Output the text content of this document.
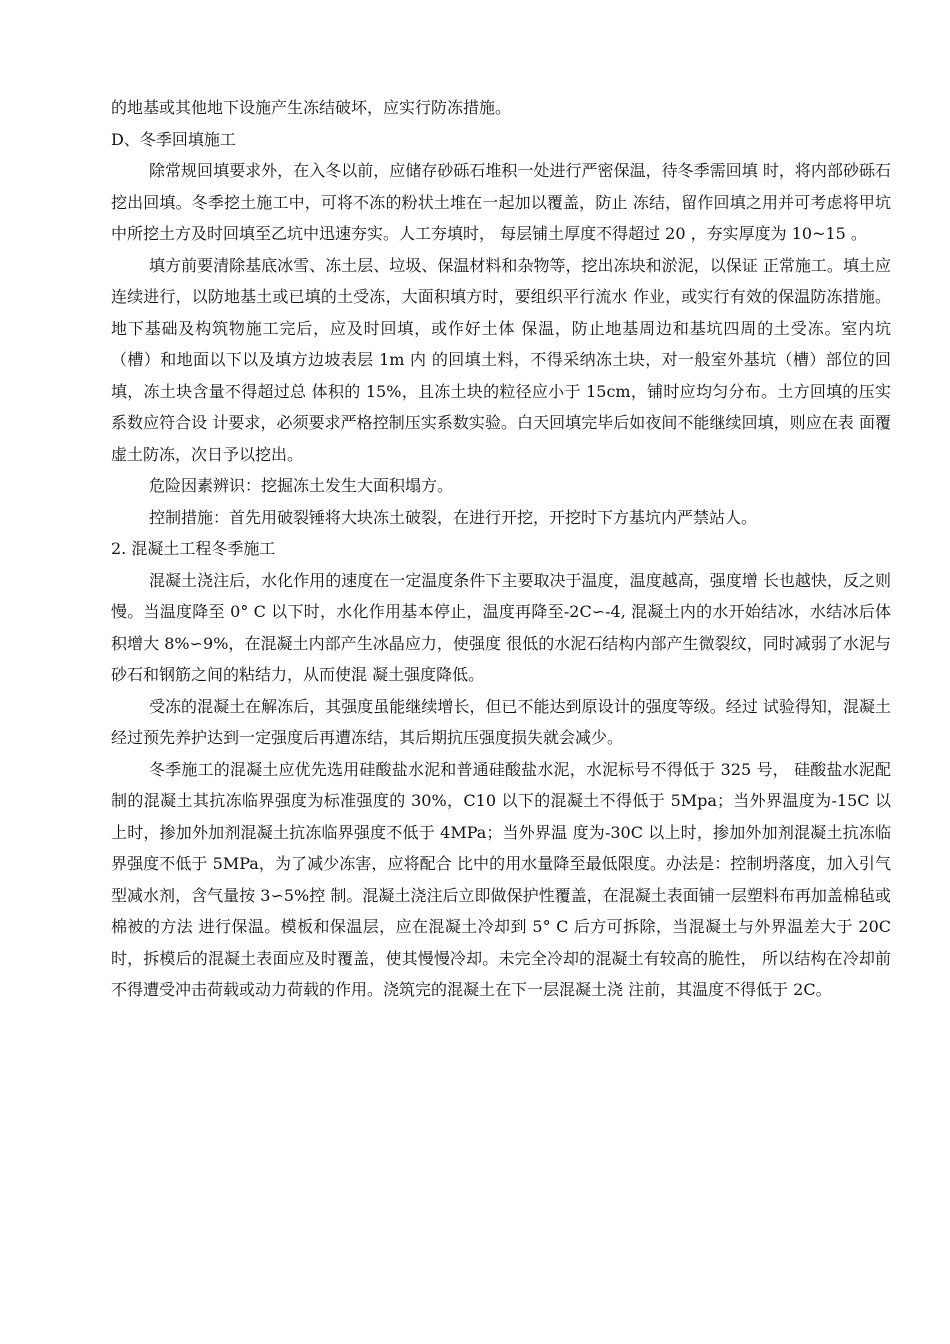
的地基或其他地下设施产生冻结破坏，应实行防冻措施。

D、冬季回填施工

除常规回填要求外，在入冬以前，应储存砂砾石堆积一处进行严密保温，待冬季需回填 时，将内部砂砾石挖出回填。冬季挖土施工中，可将不冻的粉状土堆在一起加以覆盖，防止 冻结，留作回填之用并可考虑将甲坑中所挖土方及时回填至乙坑中迅速夯实。人工夯填时， 每层铺土厚度不得超过 20 ，夯实厚度为 10~15 。

填方前要清除基底冰雪、冻土层、垃圾、保温材料和杂物等，挖出冻块和淤泥，以保证 正常施工。填土应连续进行，以防地基土或已填的土受冻，大面积填方时，要组织平行流水 作业，或实行有效的保温防冻措施。地下基础及构筑物施工完后，应及时回填，或作好土体 保温，防止地基周边和基坑四周的土受冻。室内坑（槽）和地面以下以及填方边坡表层 1m 内 的回填土料，不得采纳冻土块，对一般室外基坑（槽）部位的回填，冻土块含量不得超过总 体积的 15%，且冻土块的粒径应小于 15cm，铺时应均匀分布。土方回填的压实系数应符合设 计要求，必须要求严格控制压实系数实验。白天回填完毕后如夜间不能继续回填，则应在表 面覆虚土防冻，次日予以挖出。

危险因素辨识：挖掘冻土发生大面积塌方。

控制措施：首先用破裂锤将大块冻土破裂，在进行开挖，开挖时下方基坑内严禁站人。

2. 混凝土工程冬季施工

混凝土浇注后，水化作用的速度在一定温度条件下主要取决于温度，温度越高，强度增 长也越快，反之则慢。当温度降至 0° C 以下时，水化作用基本停止，温度再降至-2C∽-4, 混凝土内的水开始结冰，水结冰后体积增大 8%∽9%，在混凝土内部产生冰晶应力，使强度 很低的水泥石结构内部产生微裂纹，同时减弱了水泥与砂石和钢筋之间的粘结力，从而使混 凝土强度降低。

受冻的混凝土在解冻后，其强度虽能继续增长，但已不能达到原设计的强度等级。经过 试验得知，混凝土经过预先养护达到一定强度后再遭冻结，其后期抗压强度损失就会减少。

冬季施工的混凝土应优先选用硅酸盐水泥和普通硅酸盐水泥，水泥标号不得低于 325 号， 硅酸盐水泥配制的混凝土其抗冻临界强度为标准强度的 30%，C10 以下的混凝土不得低于 5Mpa；当外界温度为-15C 以上时，掺加外加剂混凝土抗冻临界强度不低于 4MPa；当外界温 度为-30C 以上时，掺加外加剂混凝土抗冻临界强度不低于 5MPa，为了减少冻害，应将配合 比中的用水量降至最低限度。办法是：控制坍落度，加入引气型减水剂，含气量按 3∽5%控 制。混凝土浇注后立即做保护性覆盖，在混凝土表面铺一层塑料布再加盖棉毡或棉被的方法 进行保温。模板和保温层，应在混凝土冷却到 5° C 后方可拆除，当混凝土与外界温差大于 20C 时，拆模后的混凝土表面应及时覆盖，使其慢慢冷却。未完全冷却的混凝土有较高的脆性， 所以结构在冷却前不得遭受冲击荷载或动力荷载的作用。浇筑完的混凝土在下一层混凝土浇 注前，其温度不得低于 2C。
